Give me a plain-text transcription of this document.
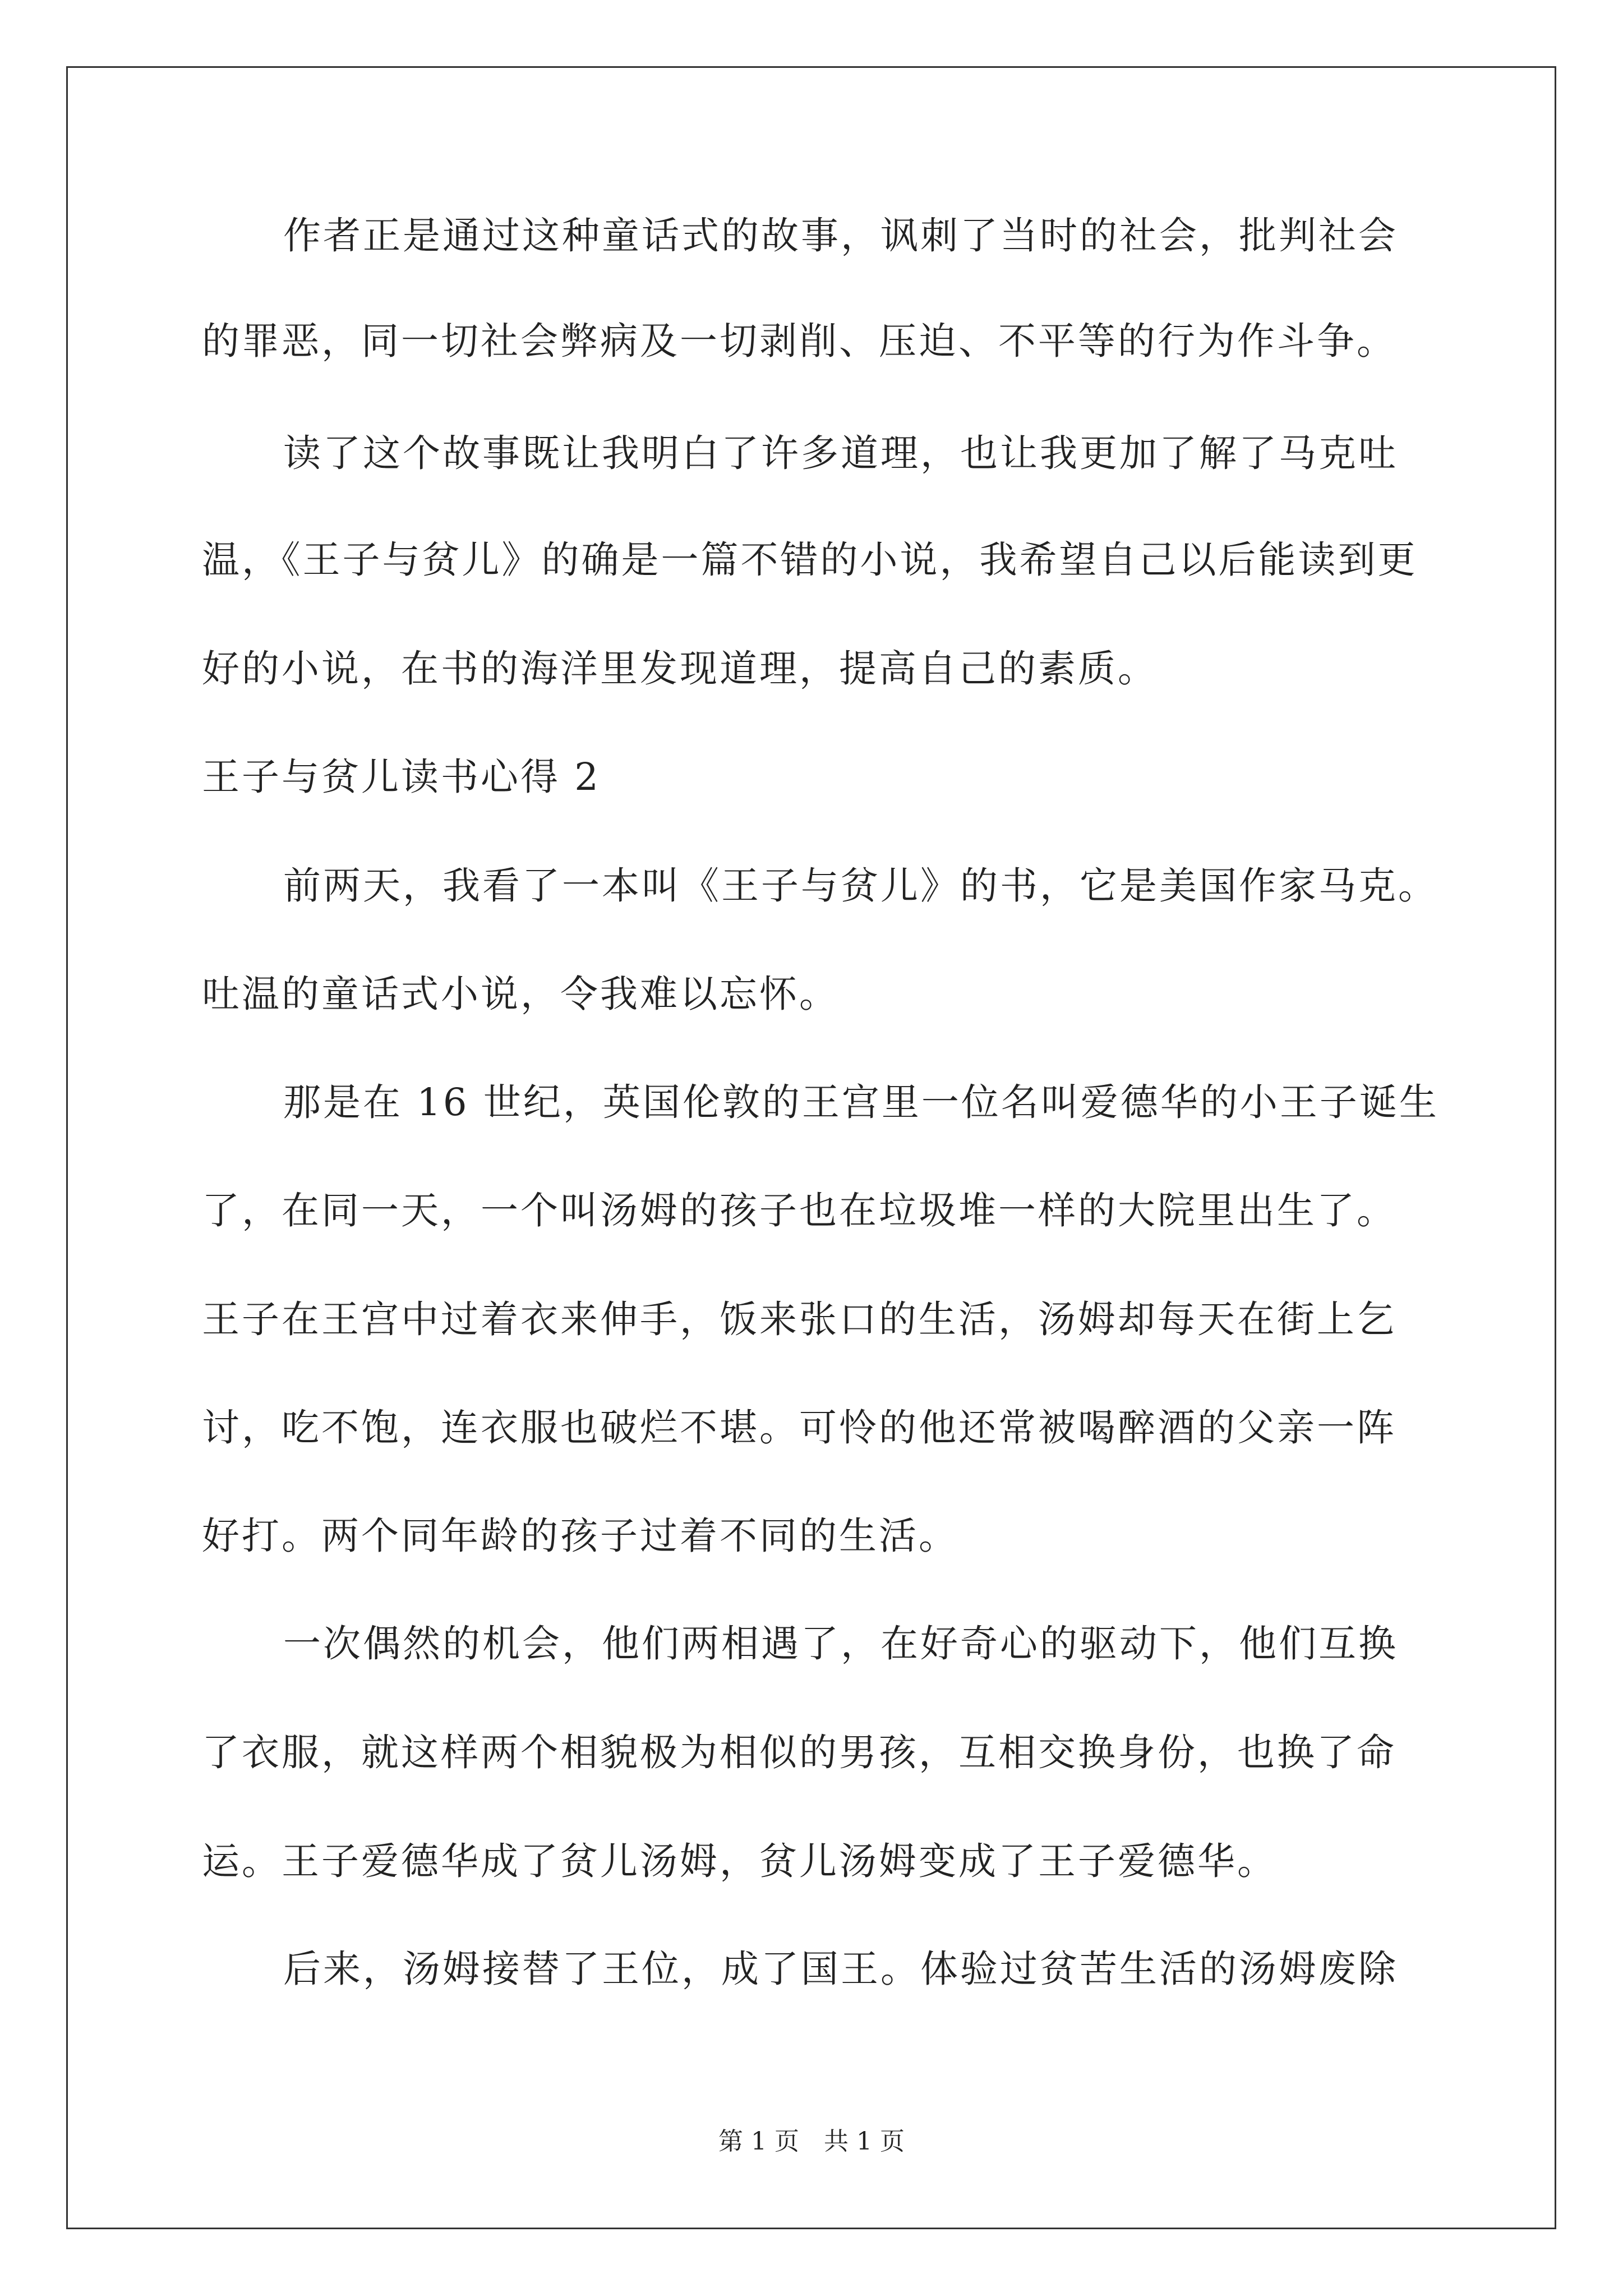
作者正是通过这种童话式的故事，讽刺了当时的社会，批判社会
的罪恶，同一切社会弊病及一切剥削、压迫、不平等的行为作斗争。
读了这个故事既让我明白了许多道理，也让我更加了解了马克吐
温，《王子与贫儿》的确是一篇不错的小说，我希望自己以后能读到更
好的小说，在书的海洋里发现道理，提高自己的素质。
王子与贫儿读书心得 2
前两天，我看了一本叫《王子与贫儿》的书，它是美国作家马克。
吐温的童话式小说，令我难以忘怀。
那是在 16 世纪，英国伦敦的王宫里一位名叫爱德华的小王子诞生
了，在同一天，一个叫汤姆的孩子也在垃圾堆一样的大院里出生了。
王子在王宫中过着衣来伸手，饭来张口的生活，汤姆却每天在街上乞
讨，吃不饱，连衣服也破烂不堪。可怜的他还常被喝醉酒的父亲一阵
好打。两个同年龄的孩子过着不同的生活。
一次偶然的机会，他们两相遇了，在好奇心的驱动下，他们互换
了衣服，就这样两个相貌极为相似的男孩，互相交换身份，也换了命
运。王子爱德华成了贫儿汤姆，贫儿汤姆变成了王子爱德华。
后来，汤姆接替了王位，成了国王。体验过贫苦生活的汤姆废除
第 1 页　共 1 页
